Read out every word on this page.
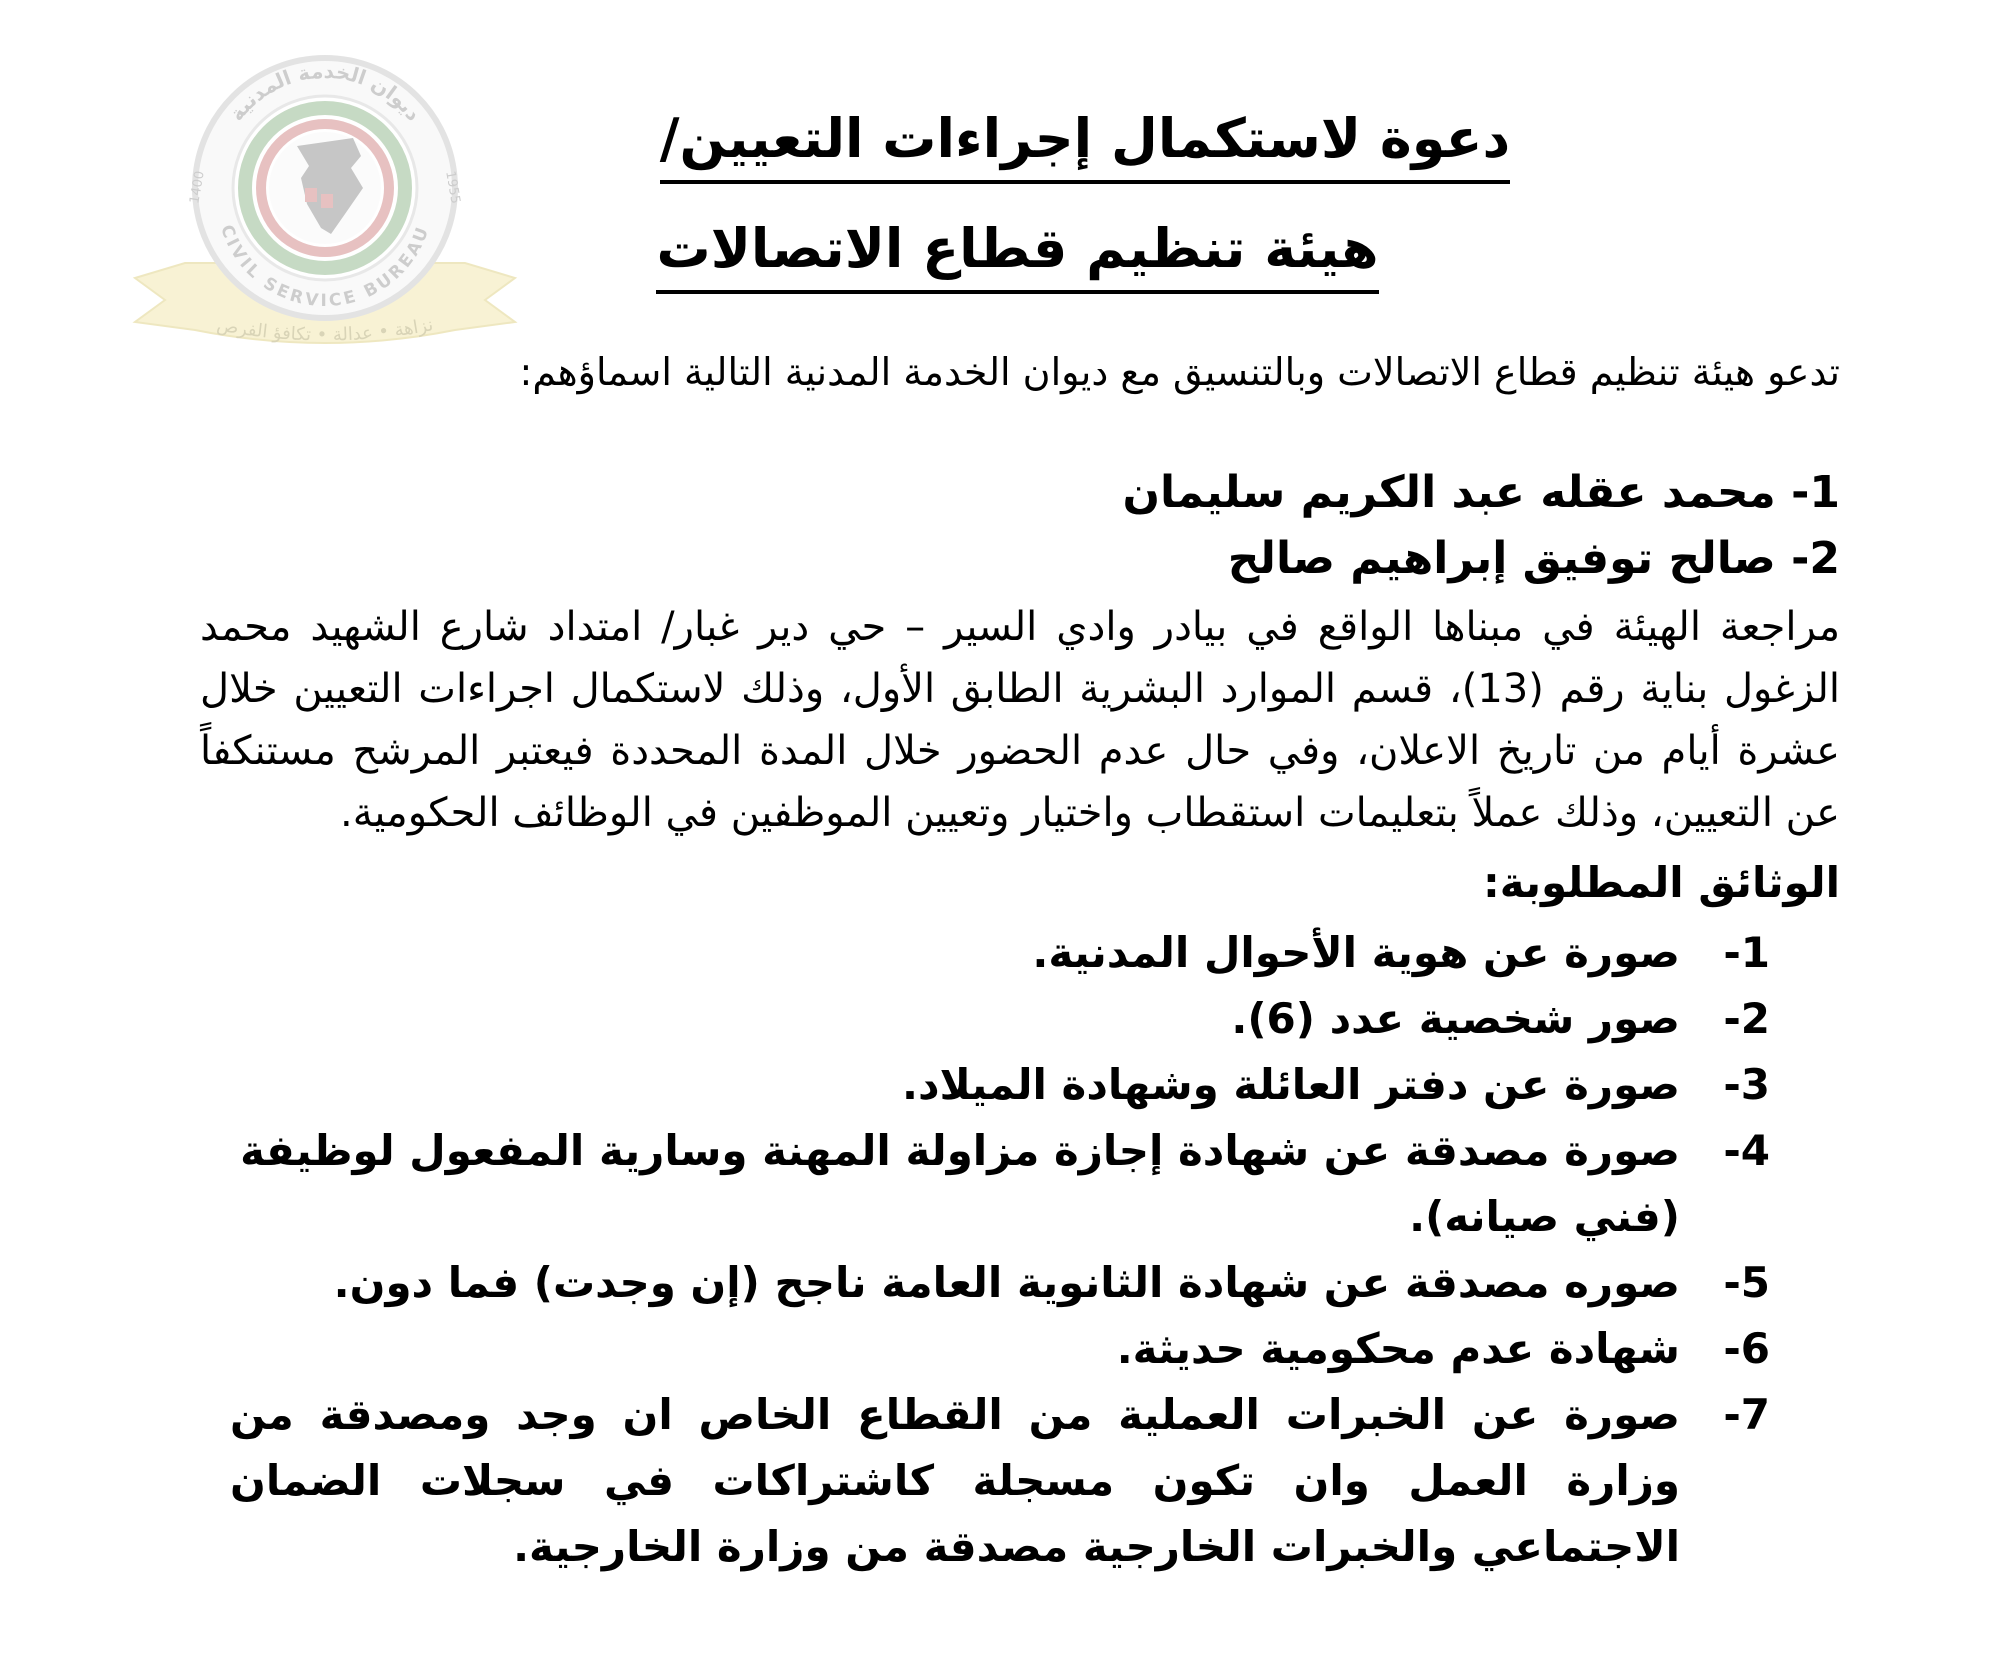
ديوان الخدمة المدنية
CIVIL SERVICE BUREAU
1400	1955
نزاهة • عدالة • تكافؤ الفرص
دعوة لاستكمال إجراءات التعيين/
هيئة تنظيم قطاع الاتصالات
تدعو هيئة تنظيم قطاع الاتصالات وبالتنسيق مع ديوان الخدمة المدنية التالية اسماؤهم:
1- محمد عقله عبد الكريم سليمان
2- صالح توفيق إبراهيم صالح
مراجعة الهيئة في مبناها الواقع في بيادر وادي السير – حي دير غبار/ امتداد شارع الشهيد محمد الزغول بناية رقم (13)، قسم الموارد البشرية الطابق الأول، وذلك لاستكمال اجراءات التعيين خلال عشرة أيام من تاريخ الاعلان، وفي حال عدم الحضور خلال المدة المحددة فيعتبر المرشح مستنكفاً عن التعيين، وذلك عملاً بتعليمات استقطاب واختيار وتعيين الموظفين في الوظائف الحكومية.
الوثائق المطلوبة:
1-
صورة عن هوية الأحوال المدنية.
2-
صور شخصية عدد (6).
3-
صورة عن دفتر العائلة وشهادة الميلاد.
4-
صورة مصدقة عن شهادة إجازة مزاولة المهنة وسارية المفعول لوظيفة (فني صيانه).
5-
صوره مصدقة عن شهادة الثانوية العامة ناجح (إن وجدت) فما دون.
6-
شهادة عدم محكومية حديثة.
7-
صورة عن الخبرات العملية من القطاع الخاص ان وجد ومصدقة من وزارة العمل وان تكون مسجلة كاشتراكات في سجلات الضمان الاجتماعي والخبرات الخارجية مصدقة من وزارة الخارجية.
